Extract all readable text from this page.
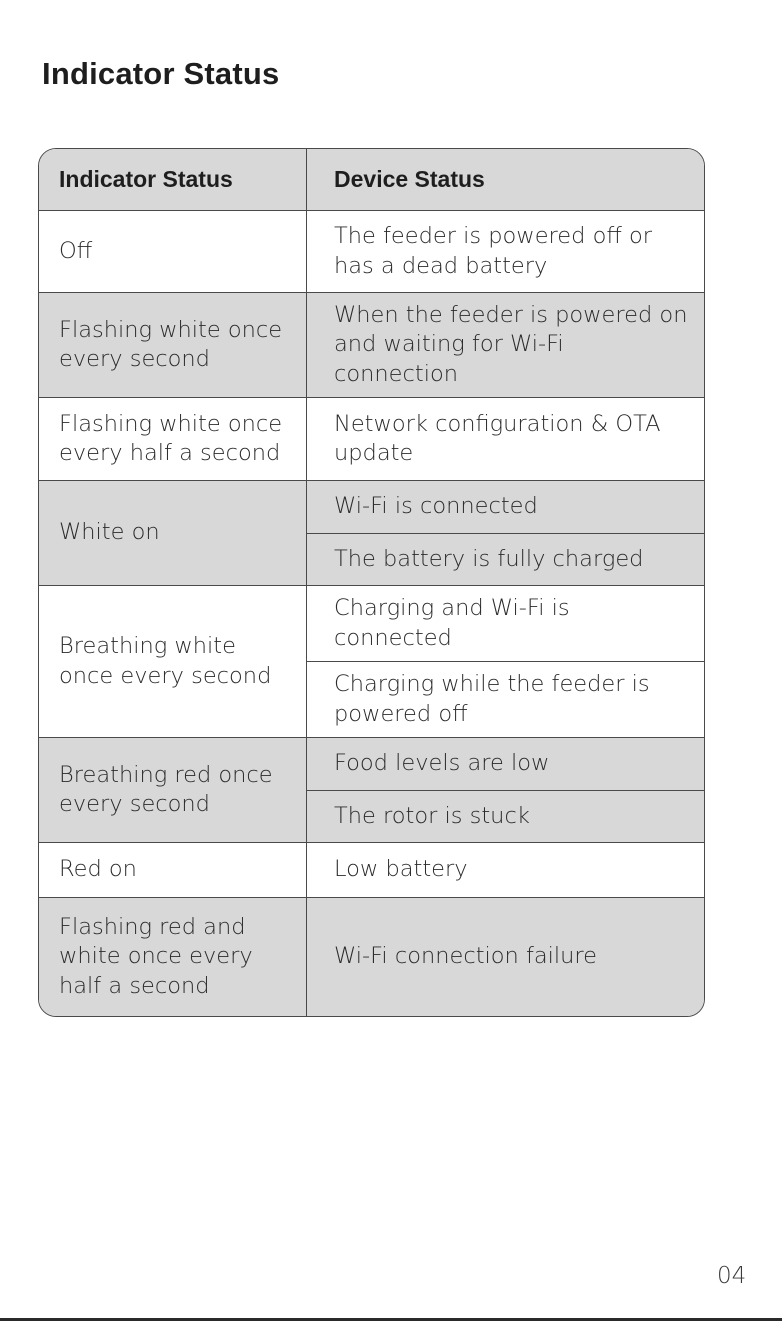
Indicator Status
Indicator Status	Device Status
Off
The feeder is powered off or has a dead battery
Flashing white once every second
When the feeder is powered on and waiting for Wi-Fi connection
Flashing white once every half a second
Network configuration & OTA update
White on
Wi-Fi is connected
The battery is fully charged
Breathing white once every second
Charging and Wi-Fi is connected
Charging while the feeder is powered off
Breathing red once every second
Food levels are low
The rotor is stuck
Red on	Low battery
Flashing red and white once every half a second
Wi-Fi connection failure
04
